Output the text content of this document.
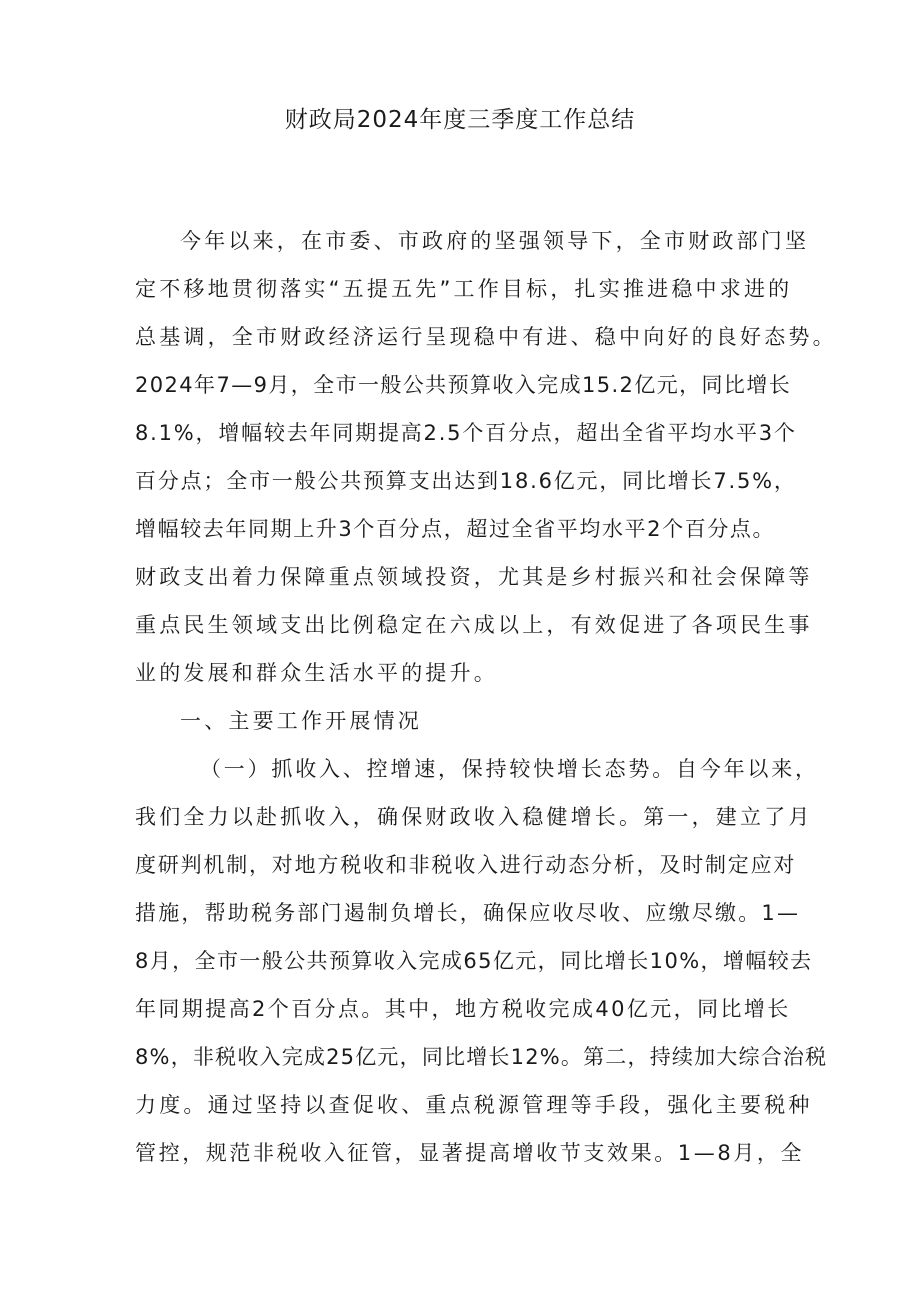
财政局2024年度三季度工作总结

今年以来，在市委、市政府的坚强领导下，全市财政部门坚

定不移地贯彻落实“五提五先”工作目标，扎实推进稳中求进的

总基调，全市财政经济运行呈现稳中有进、稳中向好的良好态势。

2024年7—9月，全市一般公共预算收入完成15.2亿元，同比增长

8.1%，增幅较去年同期提高2.5个百分点，超出全省平均水平3个

百分点；全市一般公共预算支出达到18.6亿元，同比增长7.5%，

增幅较去年同期上升3个百分点，超过全省平均水平2个百分点。

财政支出着力保障重点领域投资，尤其是乡村振兴和社会保障等

重点民生领域支出比例稳定在六成以上，有效促进了各项民生事

业的发展和群众生活水平的提升。

一、主要工作开展情况

（一）抓收入、控增速，保持较快增长态势。自今年以来，

我们全力以赴抓收入，确保财政收入稳健增长。第一，建立了月

度研判机制，对地方税收和非税收入进行动态分析，及时制定应对

措施，帮助税务部门遏制负增长，确保应收尽收、应缴尽缴。1—

8月，全市一般公共预算收入完成65亿元，同比增长10%，增幅较去

年同期提高2个百分点。其中，地方税收完成40亿元，同比增长

8%，非税收入完成25亿元，同比增长12%。第二，持续加大综合治税

力度。通过坚持以查促收、重点税源管理等手段，强化主要税种

管控，规范非税收入征管，显著提高增收节支效果。1—8月，全
